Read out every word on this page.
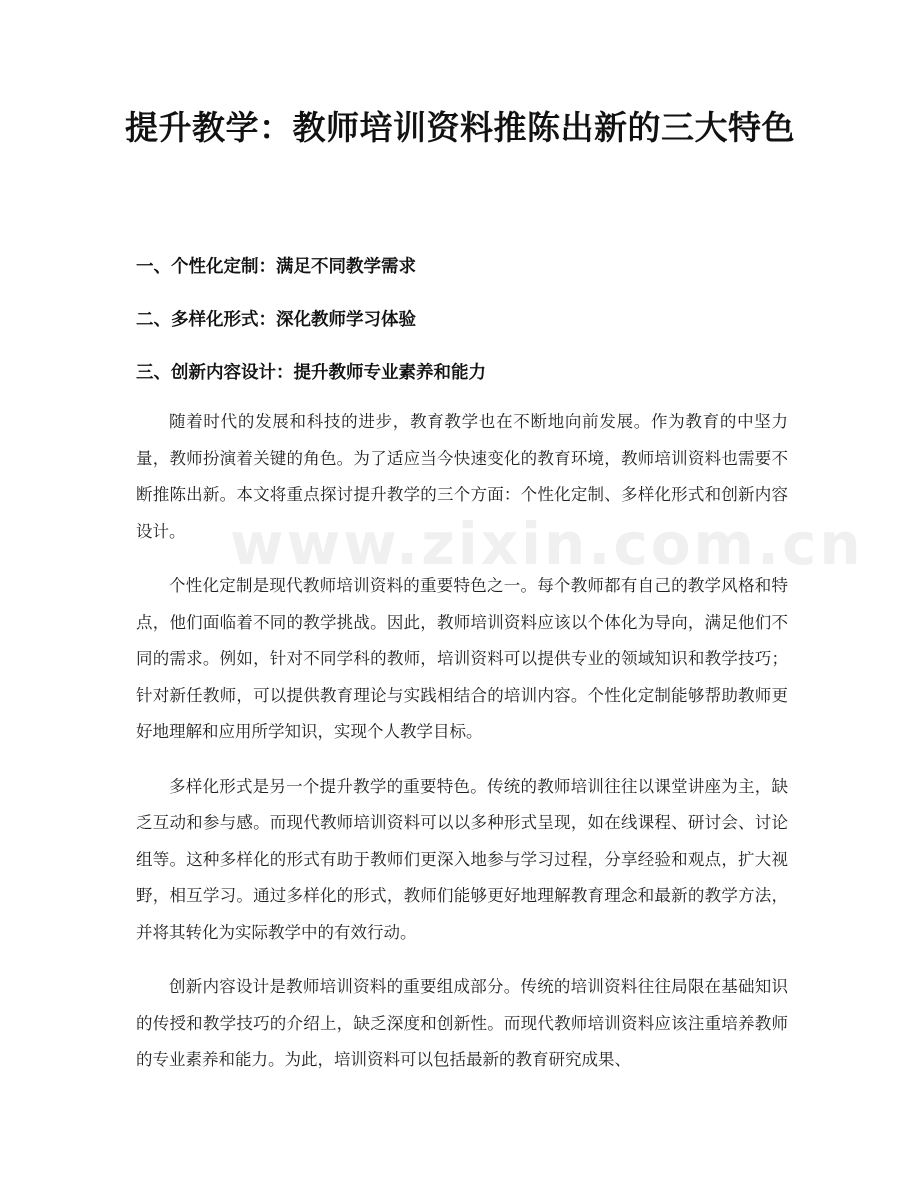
提升教学：教师培训资料推陈出新的三大特色
一、个性化定制：满足不同教学需求
二、多样化形式：深化教师学习体验
三、创新内容设计：提升教师专业素养和能力

随着时代的发展和科技的进步，教育教学也在不断地向前发展。作为教育的中坚力量，教师扮演着关键的角色。为了适应当今快速变化的教育环境，教师培训资料也需要不断推陈出新。本文将重点探讨提升教学的三个方面：个性化定制、多样化形式和创新内容设计。

个性化定制是现代教师培训资料的重要特色之一。每个教师都有自己的教学风格和特点，他们面临着不同的教学挑战。因此，教师培训资料应该以个体化为导向，满足他们不同的需求。例如，针对不同学科的教师，培训资料可以提供专业的领域知识和教学技巧；针对新任教师，可以提供教育理论与实践相结合的培训内容。个性化定制能够帮助教师更好地理解和应用所学知识，实现个人教学目标。

多样化形式是另一个提升教学的重要特色。传统的教师培训往往以课堂讲座为主，缺乏互动和参与感。而现代教师培训资料可以以多种形式呈现，如在线课程、研讨会、讨论组等。这种多样化的形式有助于教师们更深入地参与学习过程，分享经验和观点，扩大视野，相互学习。通过多样化的形式，教师们能够更好地理解教育理念和最新的教学方法，并将其转化为实际教学中的有效行动。

创新内容设计是教师培训资料的重要组成部分。传统的培训资料往往局限在基础知识的传授和教学技巧的介绍上，缺乏深度和创新性。而现代教师培训资料应该注重培养教师的专业素养和能力。为此，培训资料可以包括最新的教育研究成果、

www.zixin.com.cn
